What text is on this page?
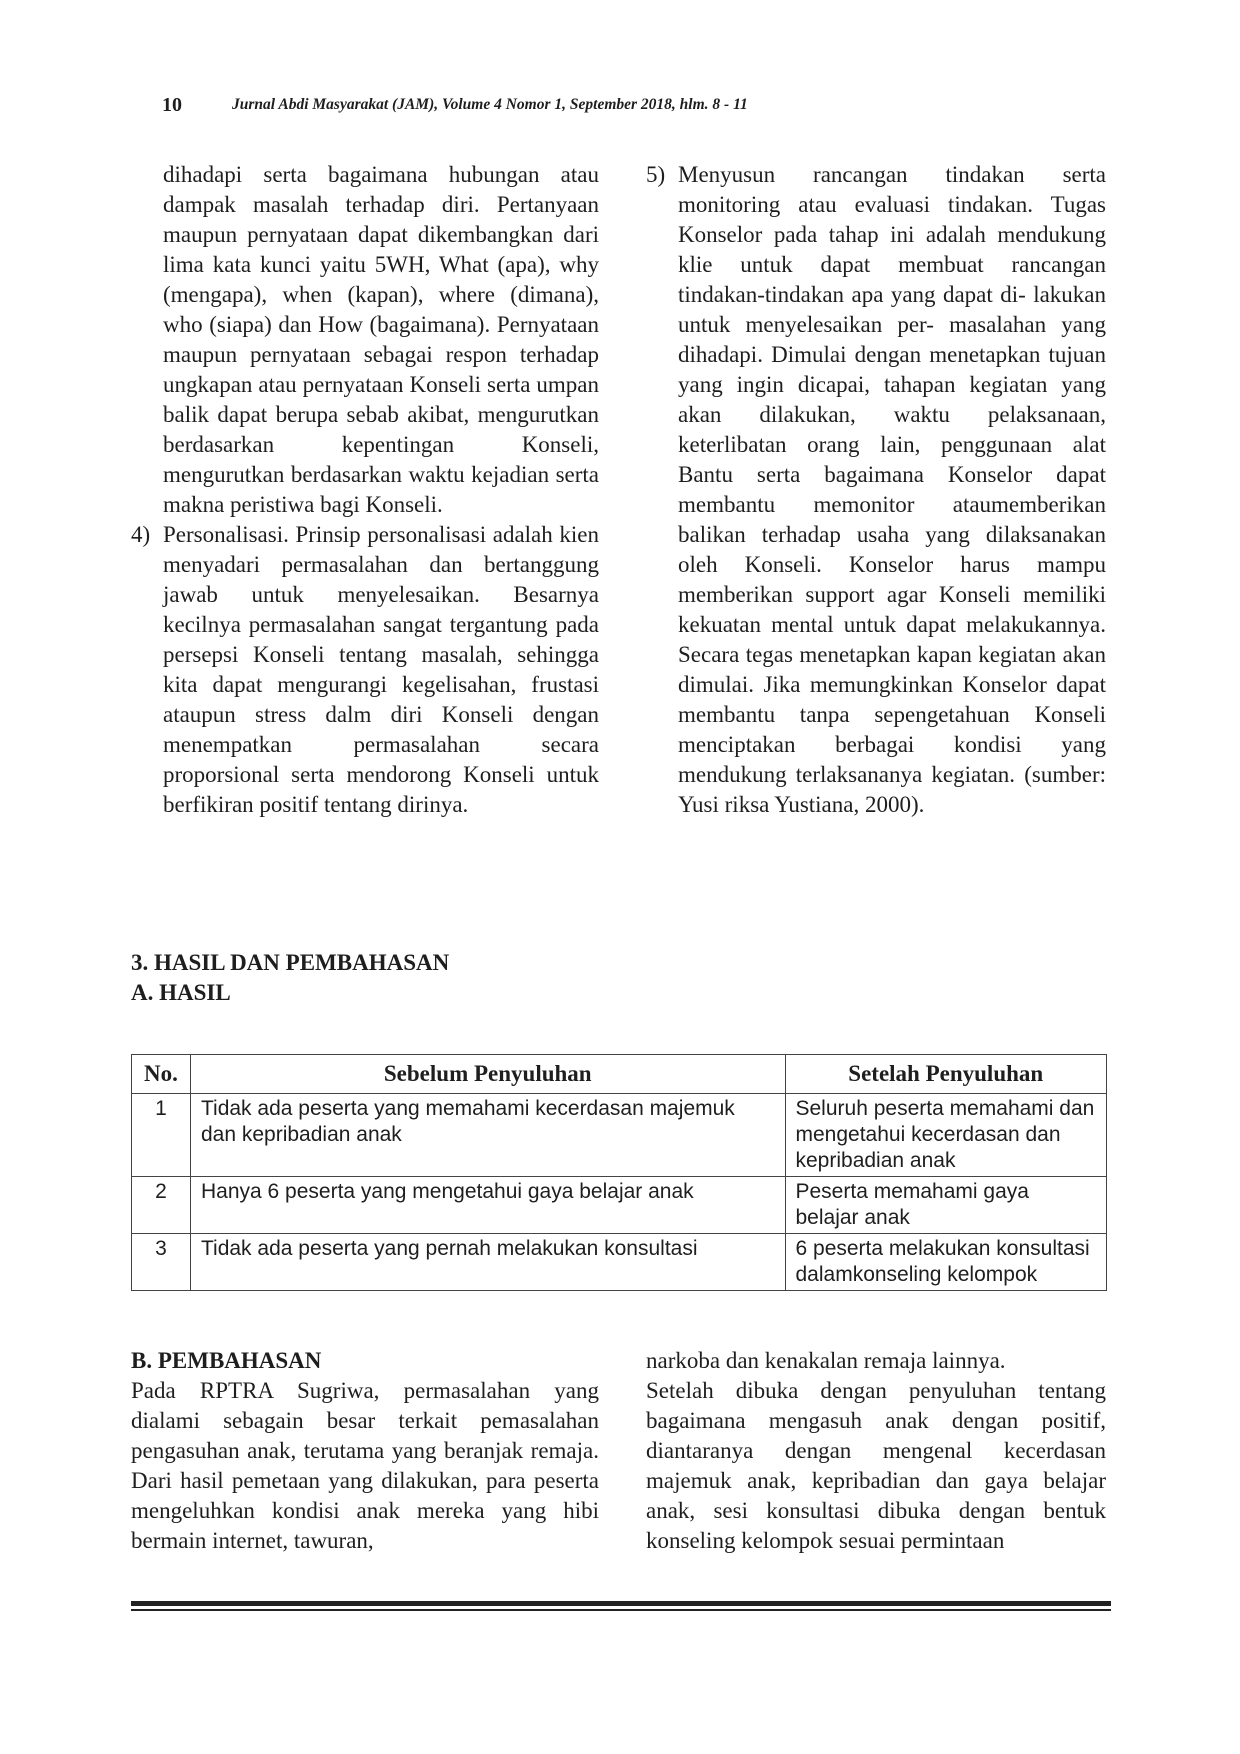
10	Jurnal Abdi Masyarakat (JAM), Volume 4 Nomor 1, September 2018, hlm. 8 - 11

dihadapi serta bagaimana hubungan atau dampak masalah terhadap diri. Pertanyaan maupun pernyataan dapat dikembangkan dari lima kata kunci yaitu 5WH, What (apa), why (mengapa), when (kapan), where (dimana), who (siapa) dan How (bagaimana). Pernyataan maupun pernyataan sebagai respon terhadap ungkapan atau pernyataan Konseli serta umpan balik dapat berupa sebab akibat, mengurutkan berdasarkan kepentingan Konseli, mengurutkan berdasarkan waktu kejadian serta makna peristiwa bagi Konseli.

4) Personalisasi. Prinsip personalisasi adalah kien menyadari permasalahan dan bertanggung jawab untuk menyelesaikan. Besarnya kecilnya permasalahan sangat tergantung pada persepsi Konseli tentang masalah, sehingga kita dapat mengurangi kegelisahan, frustasi ataupun stress dalm diri Konseli dengan menempatkan permasalahan secara proporsional serta mendorong Konseli untuk berfikiran positif tentang dirinya.

5) Menyusun rancangan tindakan serta monitoring atau evaluasi tindakan. Tugas Konselor pada tahap ini adalah mendukung klie untuk dapat membuat rancangan tindakan-tindakan apa yang dapat di- lakukan untuk menyelesaikan per- masalahan yang dihadapi. Dimulai dengan menetapkan tujuan yang ingin dicapai, tahapan kegiatan yang akan dilakukan, waktu pelaksanaan, keterlibatan orang lain, penggunaan alat Bantu serta bagaimana Konselor dapat membantu memonitor ataumemberikan balikan terhadap usaha yang dilaksanakan oleh Konseli. Konselor harus mampu memberikan support agar Konseli memiliki kekuatan mental untuk dapat melakukannya. Secara tegas menetapkan kapan kegiatan akan dimulai. Jika memungkinkan Konselor dapat membantu tanpa sepengetahuan Konseli menciptakan berbagai kondisi yang mendukung terlaksananya kegiatan. (sumber: Yusi riksa Yustiana, 2000).

3. HASIL DAN PEMBAHASAN
A. HASIL
No.	Sebelum Penyuluhan	Setelah Penyuluhan
1	Tidak ada peserta yang memahami kecerdasan majemuk dan kepribadian anak	Seluruh peserta memahami dan mengetahui kecerdasan dan kepribadian anak
2	Hanya 6 peserta yang mengetahui gaya belajar anak	Peserta memahami gaya belajar anak
3	Tidak ada peserta yang pernah melakukan konsultasi	6 peserta melakukan konsultasi dalamkonseling kelompok

B. PEMBAHASAN

Pada RPTRA Sugriwa, permasalahan yang dialami sebagain besar terkait pemasalahan pengasuhan anak, terutama yang beranjak remaja. Dari hasil pemetaan yang dilakukan, para peserta mengeluhkan kondisi anak mereka yang hibi bermain internet, tawuran,

narkoba dan kenakalan remaja lainnya.

Setelah dibuka dengan penyuluhan tentang bagaimana mengasuh anak dengan positif, diantaranya dengan mengenal kecerdasan majemuk anak, kepribadian dan gaya belajar anak, sesi konsultasi dibuka dengan bentuk konseling kelompok sesuai permintaan
